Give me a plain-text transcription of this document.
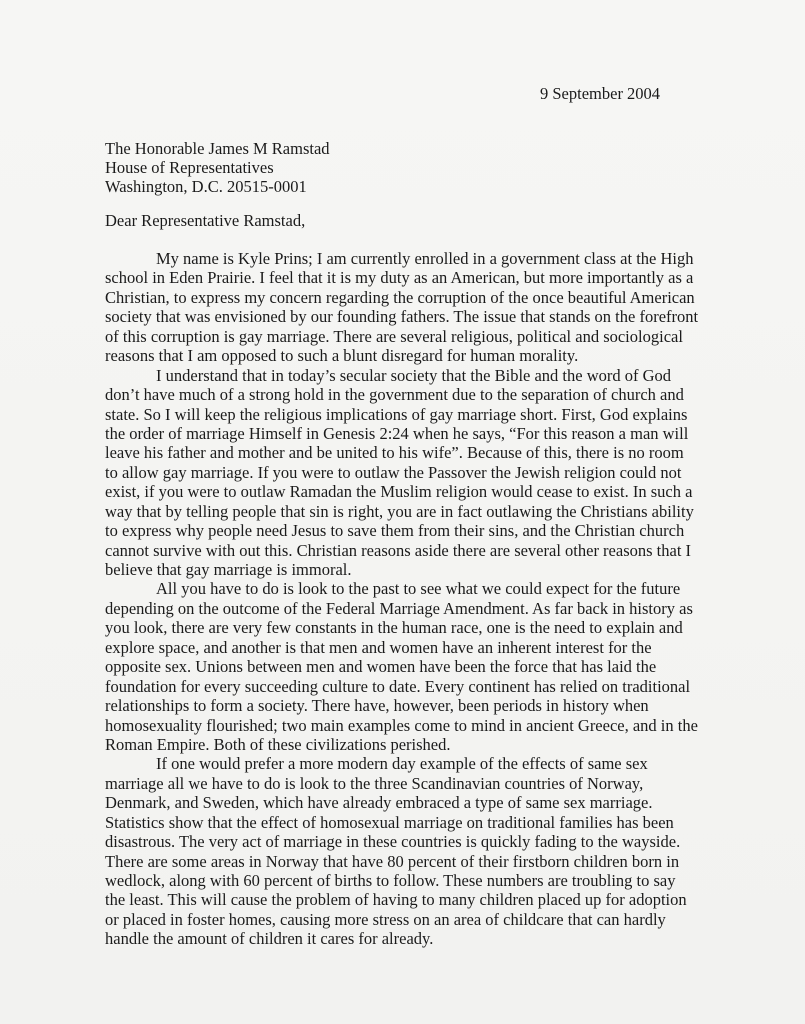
9 September 2004
The Honorable James M Ramstad
House of Representatives
Washington, D.C. 20515-0001
Dear Representative Ramstad,
My name is Kyle Prins; I am currently enrolled in a government class at the High
school in Eden Prairie. I feel that it is my duty as an American, but more importantly as a
Christian, to express my concern regarding the corruption of the once beautiful American
society that was envisioned by our founding fathers. The issue that stands on the forefront
of this corruption is gay marriage. There are several religious, political and sociological
reasons that I am opposed to such a blunt disregard for human morality.
I understand that in today’s secular society that the Bible and the word of God
don’t have much of a strong hold in the government due to the separation of church and
state. So I will keep the religious implications of gay marriage short. First, God explains
the order of marriage Himself in Genesis 2:24 when he says, “For this reason a man will
leave his father and mother and be united to his wife”. Because of this, there is no room
to allow gay marriage. If you were to outlaw the Passover the Jewish religion could not
exist, if you were to outlaw Ramadan the Muslim religion would cease to exist. In such a
way that by telling people that sin is right, you are in fact outlawing the Christians ability
to express why people need Jesus to save them from their sins, and the Christian church
cannot survive with out this. Christian reasons aside there are several other reasons that I
believe that gay marriage is immoral.
All you have to do is look to the past to see what we could expect for the future
depending on the outcome of the Federal Marriage Amendment. As far back in history as
you look, there are very few constants in the human race, one is the need to explain and
explore space, and another is that men and women have an inherent interest for the
opposite sex. Unions between men and women have been the force that has laid the
foundation for every succeeding culture to date. Every continent has relied on traditional
relationships to form a society. There have, however, been periods in history when
homosexuality flourished; two main examples come to mind in ancient Greece, and in the
Roman Empire. Both of these civilizations perished.
If one would prefer a more modern day example of the effects of same sex
marriage all we have to do is look to the three Scandinavian countries of Norway,
Denmark, and Sweden, which have already embraced a type of same sex marriage.
Statistics show that the effect of homosexual marriage on traditional families has been
disastrous. The very act of marriage in these countries is quickly fading to the wayside.
There are some areas in Norway that have 80 percent of their firstborn children born in
wedlock, along with 60 percent of births to follow. These numbers are troubling to say
the least. This will cause the problem of having to many children placed up for adoption
or placed in foster homes, causing more stress on an area of childcare that can hardly
handle the amount of children it cares for already.
